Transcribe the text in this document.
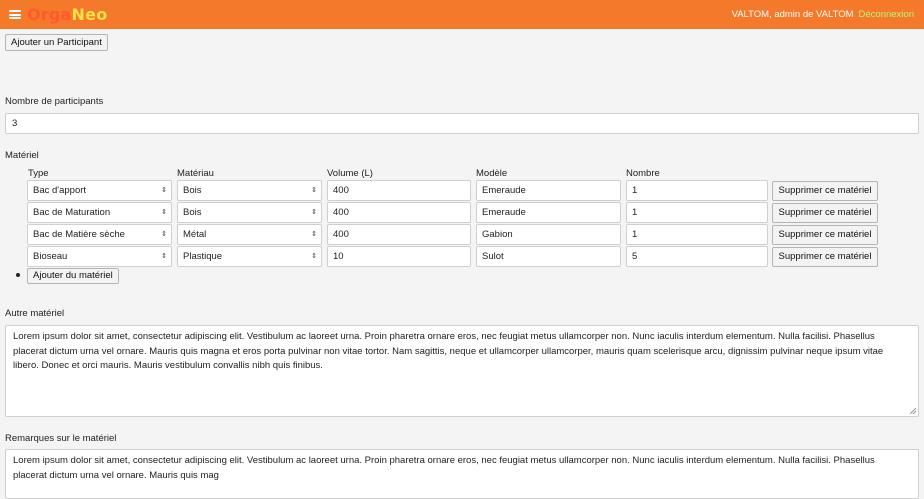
OrgaNeo	VALTOM, admin de VALTOM Déconnexion
Ajouter un Participant
Nombre de participants
3
Matériel
Type	Matériau	Volume (L)	Modèle	Nombre
Bac d'apport	⇕	Bois	⇕	400	Emeraude	1	Supprimer ce matériel
Bac de Maturation	⇕	Bois	⇕	400	Emeraude	1	Supprimer ce matériel
Bac de Matière sèche	⇕	Métal	⇕	400	Gabion	1	Supprimer ce matériel
Bioseau	⇕	Plastique	⇕	10	Sulot	5	Supprimer ce matériel
Ajouter du matériel
Autre matériel
Lorem ipsum dolor sit amet, consectetur adipiscing elit. Vestibulum ac laoreet urna. Proin pharetra ornare eros, nec feugiat metus ullamcorper non. Nunc iaculis interdum elementum. Nulla facilisi. Phasellus placerat dictum urna vel ornare. Mauris quis magna et eros porta pulvinar non vitae tortor. Nam sagittis, neque et ullamcorper ullamcorper, mauris quam scelerisque arcu, dignissim pulvinar neque ipsum vitae libero. Donec et orci mauris. Mauris vestibulum convallis nibh quis finibus.
Remarques sur le matériel
Lorem ipsum dolor sit amet, consectetur adipiscing elit. Vestibulum ac laoreet urna. Proin pharetra ornare eros, nec feugiat metus ullamcorper non. Nunc iaculis interdum elementum. Nulla facilisi. Phasellus placerat dictum urna vel ornare. Mauris quis mag
